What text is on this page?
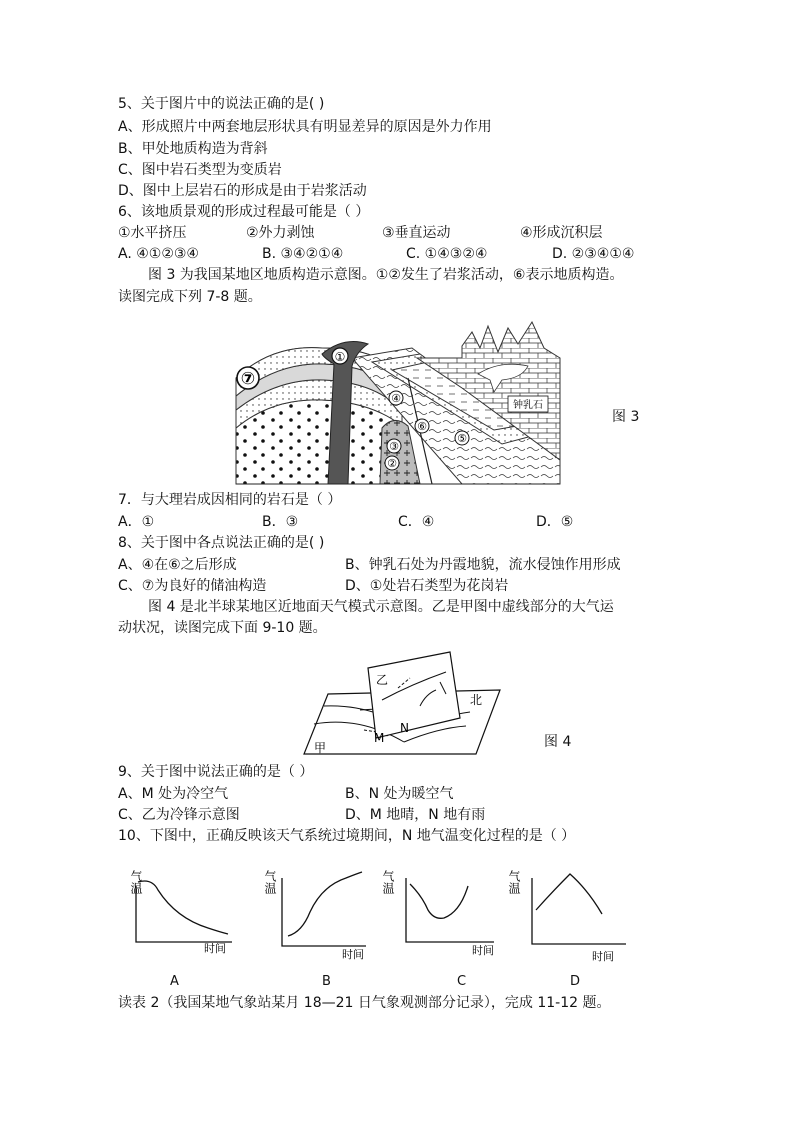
5、关于图片中的说法正确的是( )
A、形成照片中两套地层形状具有明显差异的原因是外力作用
B、甲处地质构造为背斜
C、图中岩石类型为变质岩
D、图中上层岩石的形成是由于岩浆活动
6、该地质景观的形成过程最可能是（ ）
①水平挤压	②外力剥蚀	③垂直运动	④形成沉积层
A. ④①②③④	B. ③④②①④	C. ①④③②④	D. ②③④①④
图 3 为我国某地区地质构造示意图。①②发生了岩浆活动，⑥表示地质构造。
读图完成下列 7-8 题。
①
④
③
②
⑥
⑤
⑦
钟乳石
图 3
7．与大理岩成因相同的岩石是（ ）
A．①	B．③	C．④	D．⑤
8、关于图中各点说法正确的是( )
A、④在⑥之后形成	B、钟乳石处为丹霞地貌，流水侵蚀作用形成
C、⑦为良好的储油构造	D、①处岩石类型为花岗岩
图 4 是北半球某地区近地面天气模式示意图。乙是甲图中虚线部分的大气运
动状况，读图完成下面 9-10 题。
乙
甲
北
M
N
图 4
9、关于图中说法正确的是（ ）
A、M 处为冷空气	B、N 处为暖空气
C、乙为冷锋示意图	D、M 地晴，N 地有雨
10、下图中，正确反映该天气系统过境期间，N 地气温变化过程的是（ ）
气温
时间
气温
时间
气温
时间
气温
时间
A	B	C	D
读表 2（我国某地气象站某月 18—21 日气象观测部分记录），完成 11-12 题。
